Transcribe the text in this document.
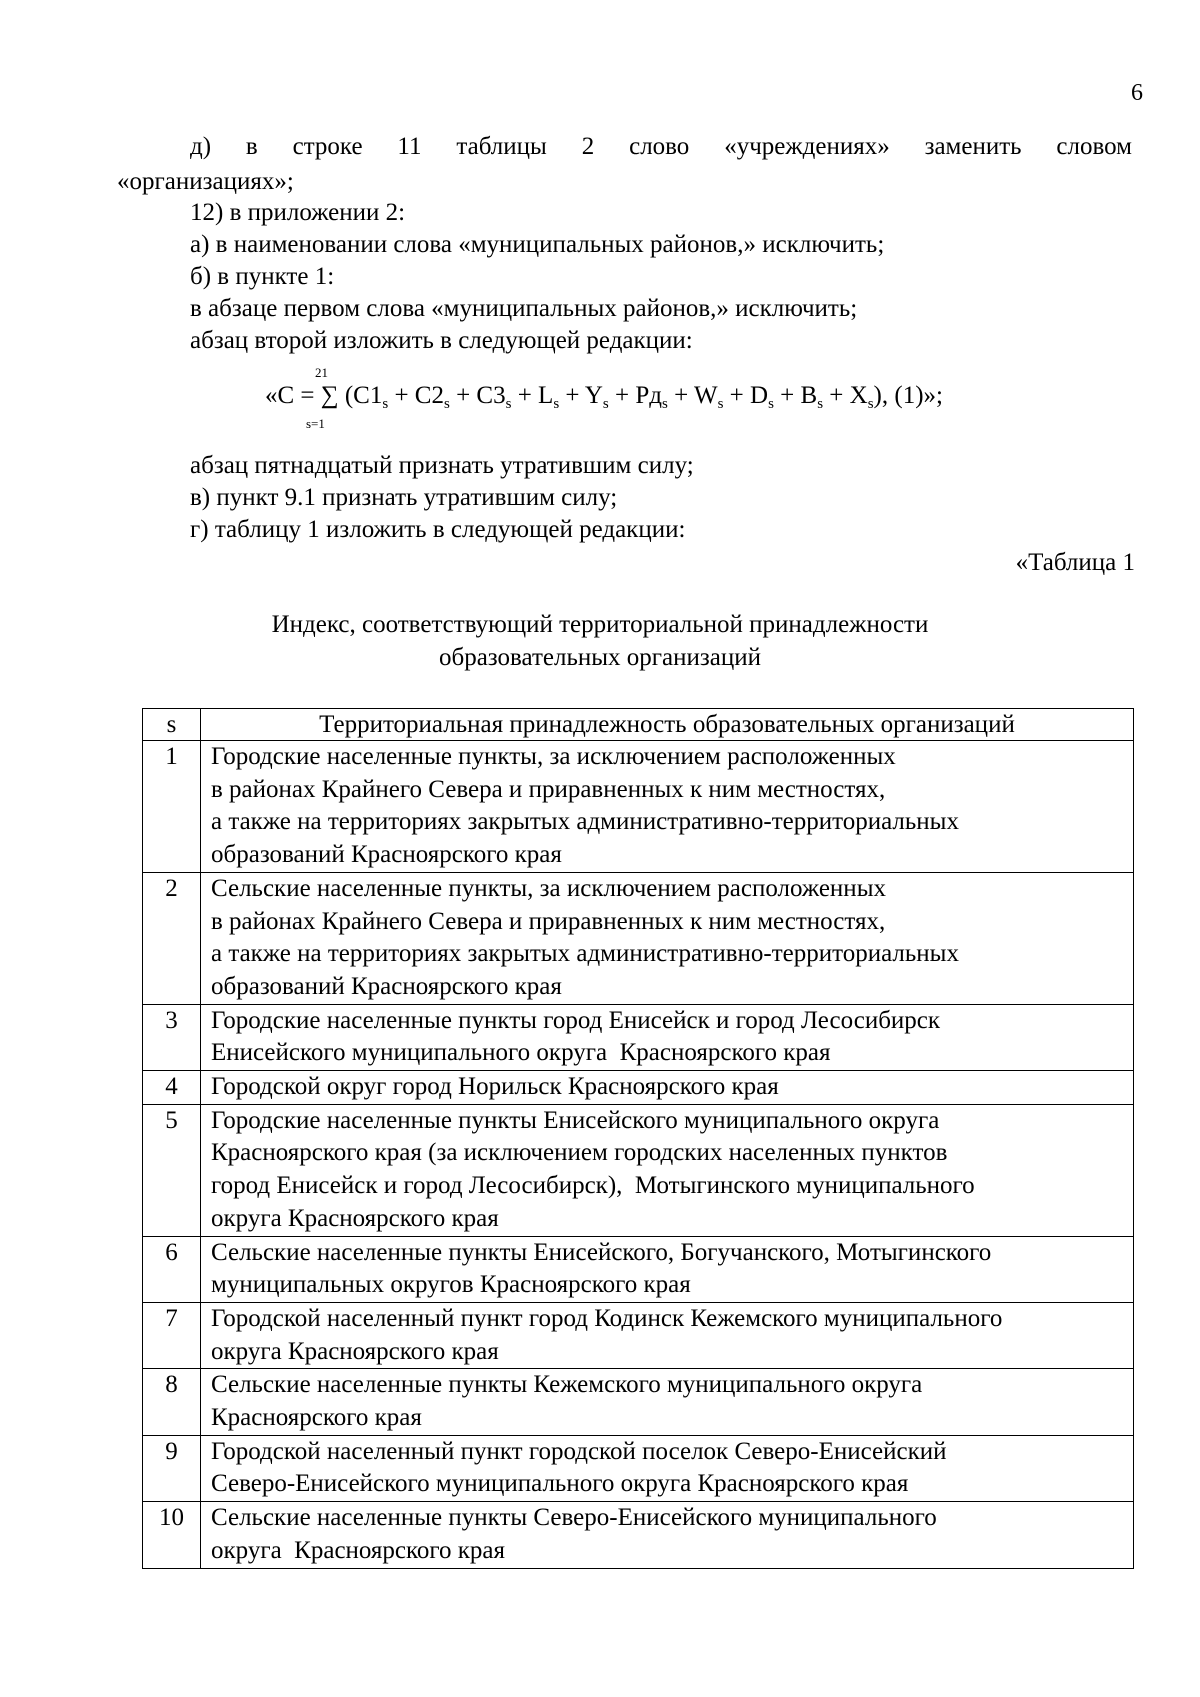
6
д) в строке 11 таблицы 2 слово «учреждениях» заменить словом
«организациях»;
12) в приложении 2:
а) в наименовании слова «муниципальных районов,» исключить;
б) в пункте 1:
в абзаце первом слова «муниципальных районов,» исключить;
абзац второй изложить в следующей редакции:
21
«C = ∑ $(C1_s + C2_s + C3_s + L_s + Y_s + Pд_s + W_s + D_s + B_s + X_s)$, (1)»;
s=1
абзац пятнадцатый признать утратившим силу;
в) пункт 9.1 признать утратившим силу;
г) таблицу 1 изложить в следующей редакции:
«Таблица 1
Индекс, соответствующий территориальной принадлежности
образовательных организаций
s	Территориальная принадлежность образовательных организаций
1	Городские населенные пункты, за исключением расположенных
в районах Крайнего Севера и приравненных к ним местностях,
а также на территориях закрытых административно-территориальных
образований Красноярского края

2	Сельские населенные пункты, за исключением расположенных
в районах Крайнего Севера и приравненных к ним местностях,
а также на территориях закрытых административно-территориальных
образований Красноярского края

3	Городские населенные пункты город Енисейск и город Лесосибирск
Енисейского муниципального округа  Красноярского края

4	Городской округ город Норильск Красноярского края

5	Городские населенные пункты Енисейского муниципального округа
Красноярского края (за исключением городских населенных пунктов
город Енисейск и город Лесосибирск),  Мотыгинского муниципального
округа Красноярского края

6	Сельские населенные пункты Енисейского, Богучанского, Мотыгинского
муниципальных округов Красноярского края

7	Городской населенный пункт город Кодинск Кежемского муниципального
округа Красноярского края

8	Сельские населенные пункты Кежемского муниципального округа
Красноярского края

9	Городской населенный пункт городской поселок Северо-Енисейский
Северо-Енисейского муниципального округа Красноярского края

10	Сельские населенные пункты Северо-Енисейского муниципального
округа  Красноярского края
